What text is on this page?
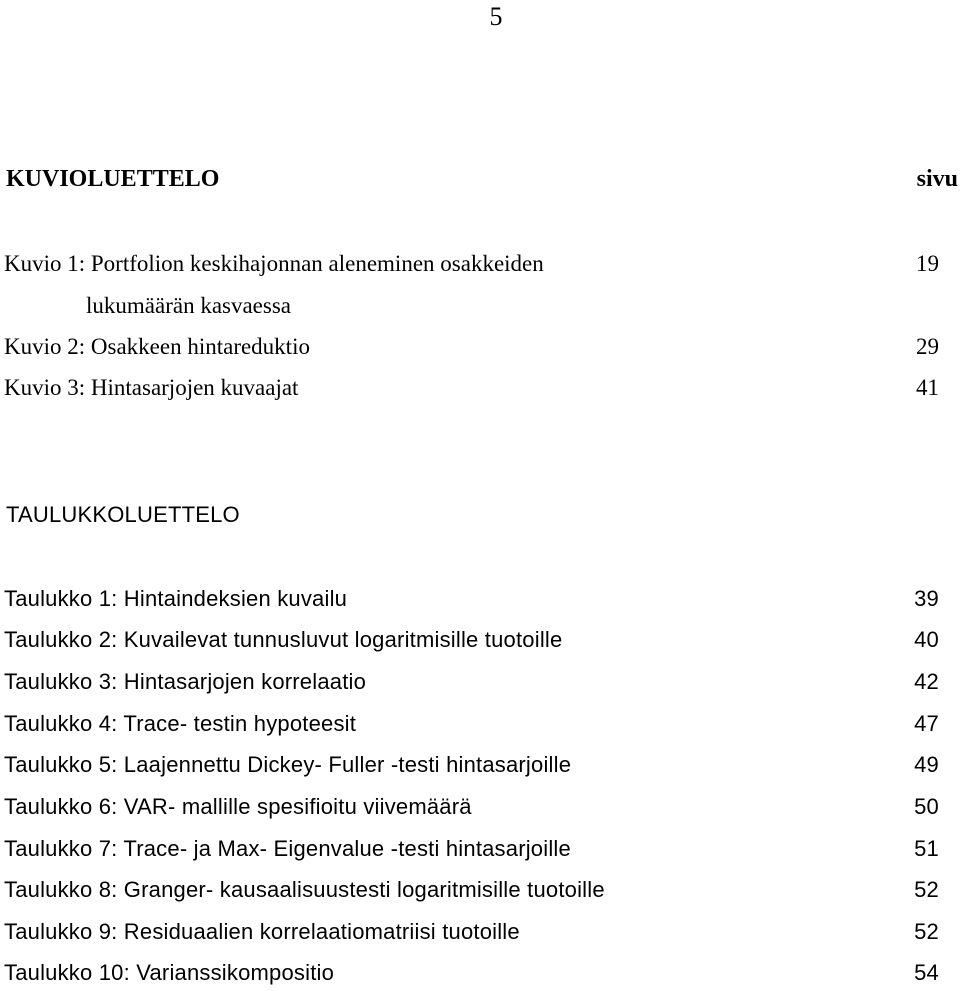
5
KUVIOLUETTELO	sivu
Kuvio 1: Portfolion keskihajonnan aleneminen osakkeiden	19
lukumäärän kasvaessa
Kuvio 2: Osakkeen hintareduktio	29
Kuvio 3: Hintasarjojen kuvaajat	41
TAULUKKOLUETTELO
Taulukko 1: Hintaindeksien kuvailu	39
Taulukko 2: Kuvailevat tunnusluvut logaritmisille tuotoille	40
Taulukko 3: Hintasarjojen korrelaatio	42
Taulukko 4: Trace- testin hypoteesit	47
Taulukko 5: Laajennettu Dickey- Fuller -testi hintasarjoille	49
Taulukko 6: VAR- mallille spesifioitu viivemäärä	50
Taulukko 7: Trace- ja Max- Eigenvalue -testi hintasarjoille	51
Taulukko 8: Granger- kausaalisuustesti logaritmisille tuotoille	52
Taulukko 9: Residuaalien korrelaatiomatriisi tuotoille	52
Taulukko 10: Varianssikompositio	54
